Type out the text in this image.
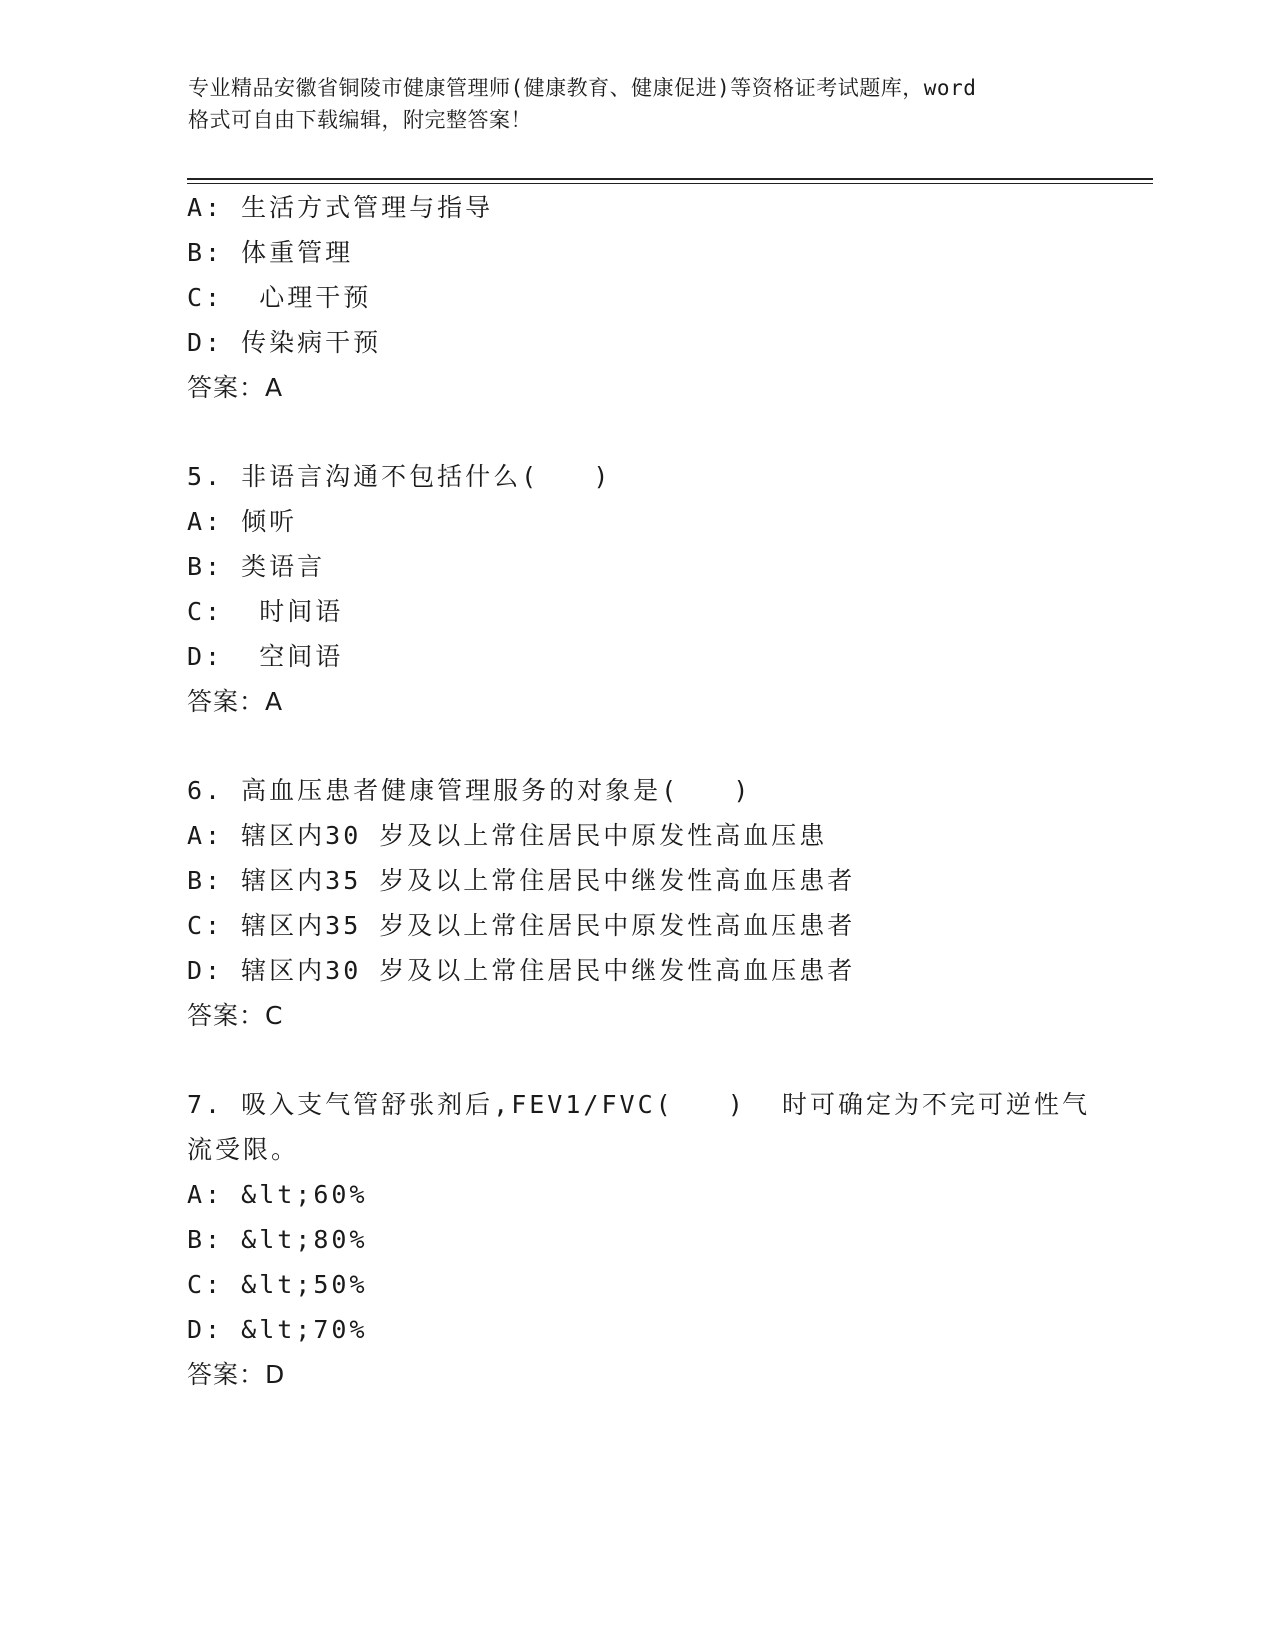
专业精品安徽省铜陵市健康管理师(健康教育、健康促进)等资格证考试题库，word
格式可自由下载编辑，附完整答案！
A: 生活方式管理与指导
B: 体重管理
C:  心理干预
D: 传染病干预
答案：A
5. 非语言沟通不包括什么(   )
A: 倾听
B: 类语言
C:  时间语
D:  空间语
答案：A
6. 高血压患者健康管理服务的对象是(   )
A: 辖区内30 岁及以上常住居民中原发性高血压患
B: 辖区内35 岁及以上常住居民中继发性高血压患者
C: 辖区内35 岁及以上常住居民中原发性高血压患者
D: 辖区内30 岁及以上常住居民中继发性高血压患者
答案：C
7. 吸入支气管舒张剂后,FEV1/FVC(   )  时可确定为不完可逆性气
流受限。
A: &lt;60%
B: &lt;80%
C: &lt;50%
D: &lt;70%
答案：D
